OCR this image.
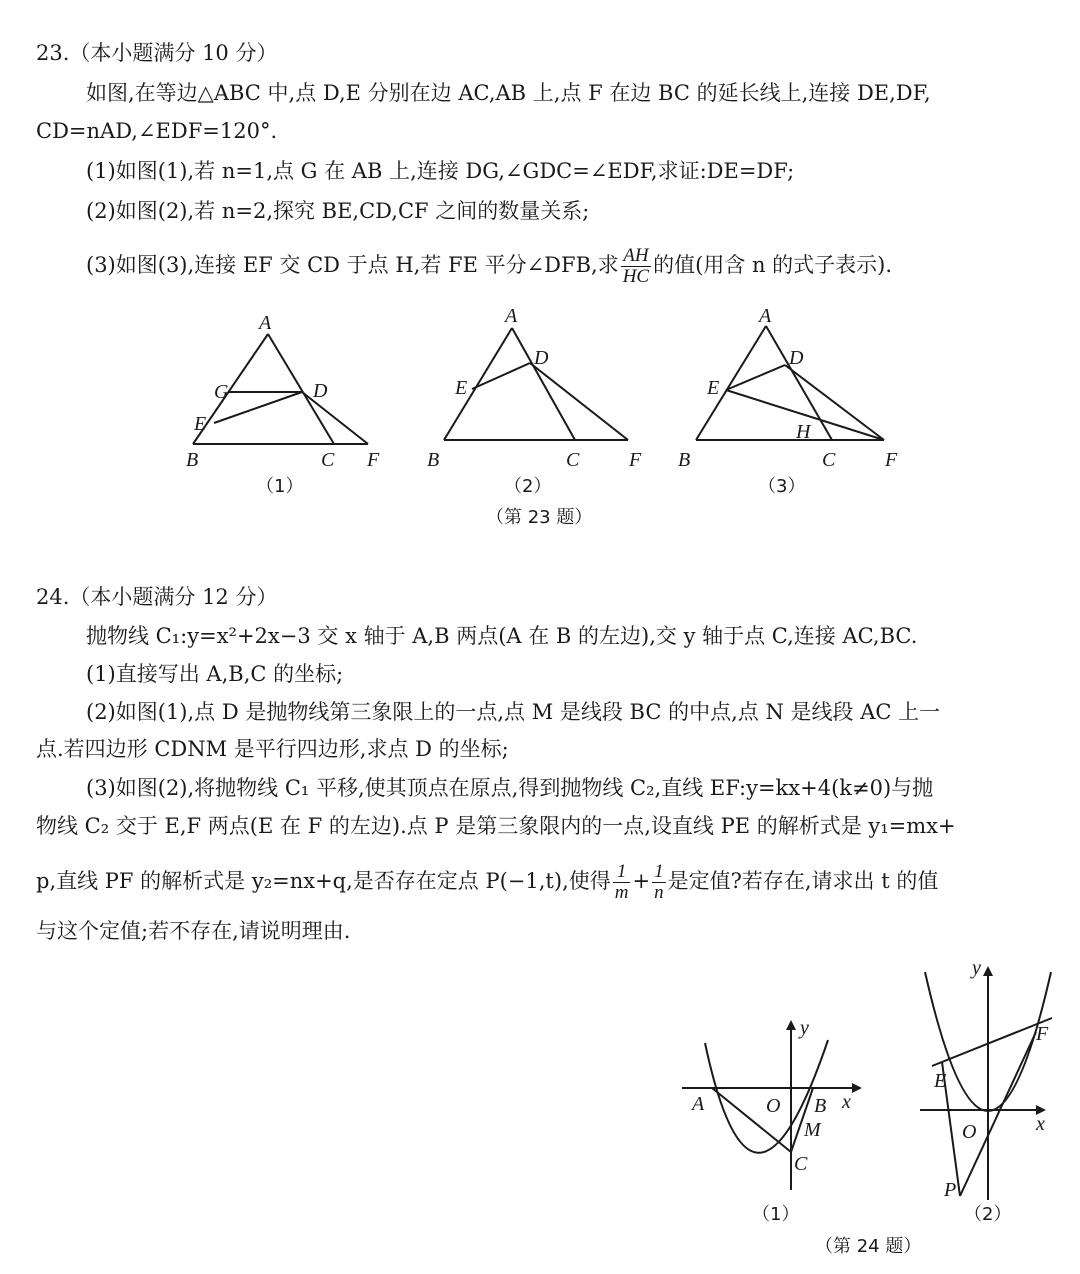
23.（本小题满分 10 分）
如图,在等边△ABC 中,点 D,E 分别在边 AC,AB 上,点 F 在边 BC 的延长线上,连接 DE,DF,
CD=nAD,∠EDF=120°.
(1)如图(1),若 n=1,点 G 在 AB 上,连接 DG,∠GDC=∠EDF,求证:DE=DF;
(2)如图(2),若 n=2,探究 BE,CD,CF 之间的数量关系;
(3)如图(3),连接 EF 交 CD 于点 H,若 FE 平分∠DFB,求 $\frac{AH}{HC}$ 的值(用含 n 的式子表示).
A
G	D
E
B	C F
（1）
A
D
E
B	C F
（2）
A
D
E
H
B	C F
（3）
（第 23 题）
24.（本小题满分 12 分）
抛物线 C₁:y=x²+2x−3 交 x 轴于 A,B 两点(A 在 B 的左边),交 y 轴于点 C,连接 AC,BC.
(1)直接写出 A,B,C 的坐标;
(2)如图(1),点 D 是抛物线第三象限上的一点,点 M 是线段 BC 的中点,点 N 是线段 AC 上一
点.若四边形 CDNM 是平行四边形,求点 D 的坐标;
(3)如图(2),将抛物线 C₁ 平移,使其顶点在原点,得到抛物线 C₂,直线 EF:y=kx+4(k≠0)与抛
物线 C₂ 交于 E,F 两点(E 在 F 的左边).点 P 是第三象限内的一点,设直线 PE 的解析式是 y₁=mx+
p,直线 PF 的解析式是 y₂=nx+q,是否存在定点 P(−1,t),使得 $\frac{1}{m} + \frac{1}{n}$ 是定值?若存在,请求出 t 的值
与这个定值;若不存在,请说明理由.
y
x
A	O B
M
C
（1）
y
x
E
F
O
P
（2）
（第 24 题）
